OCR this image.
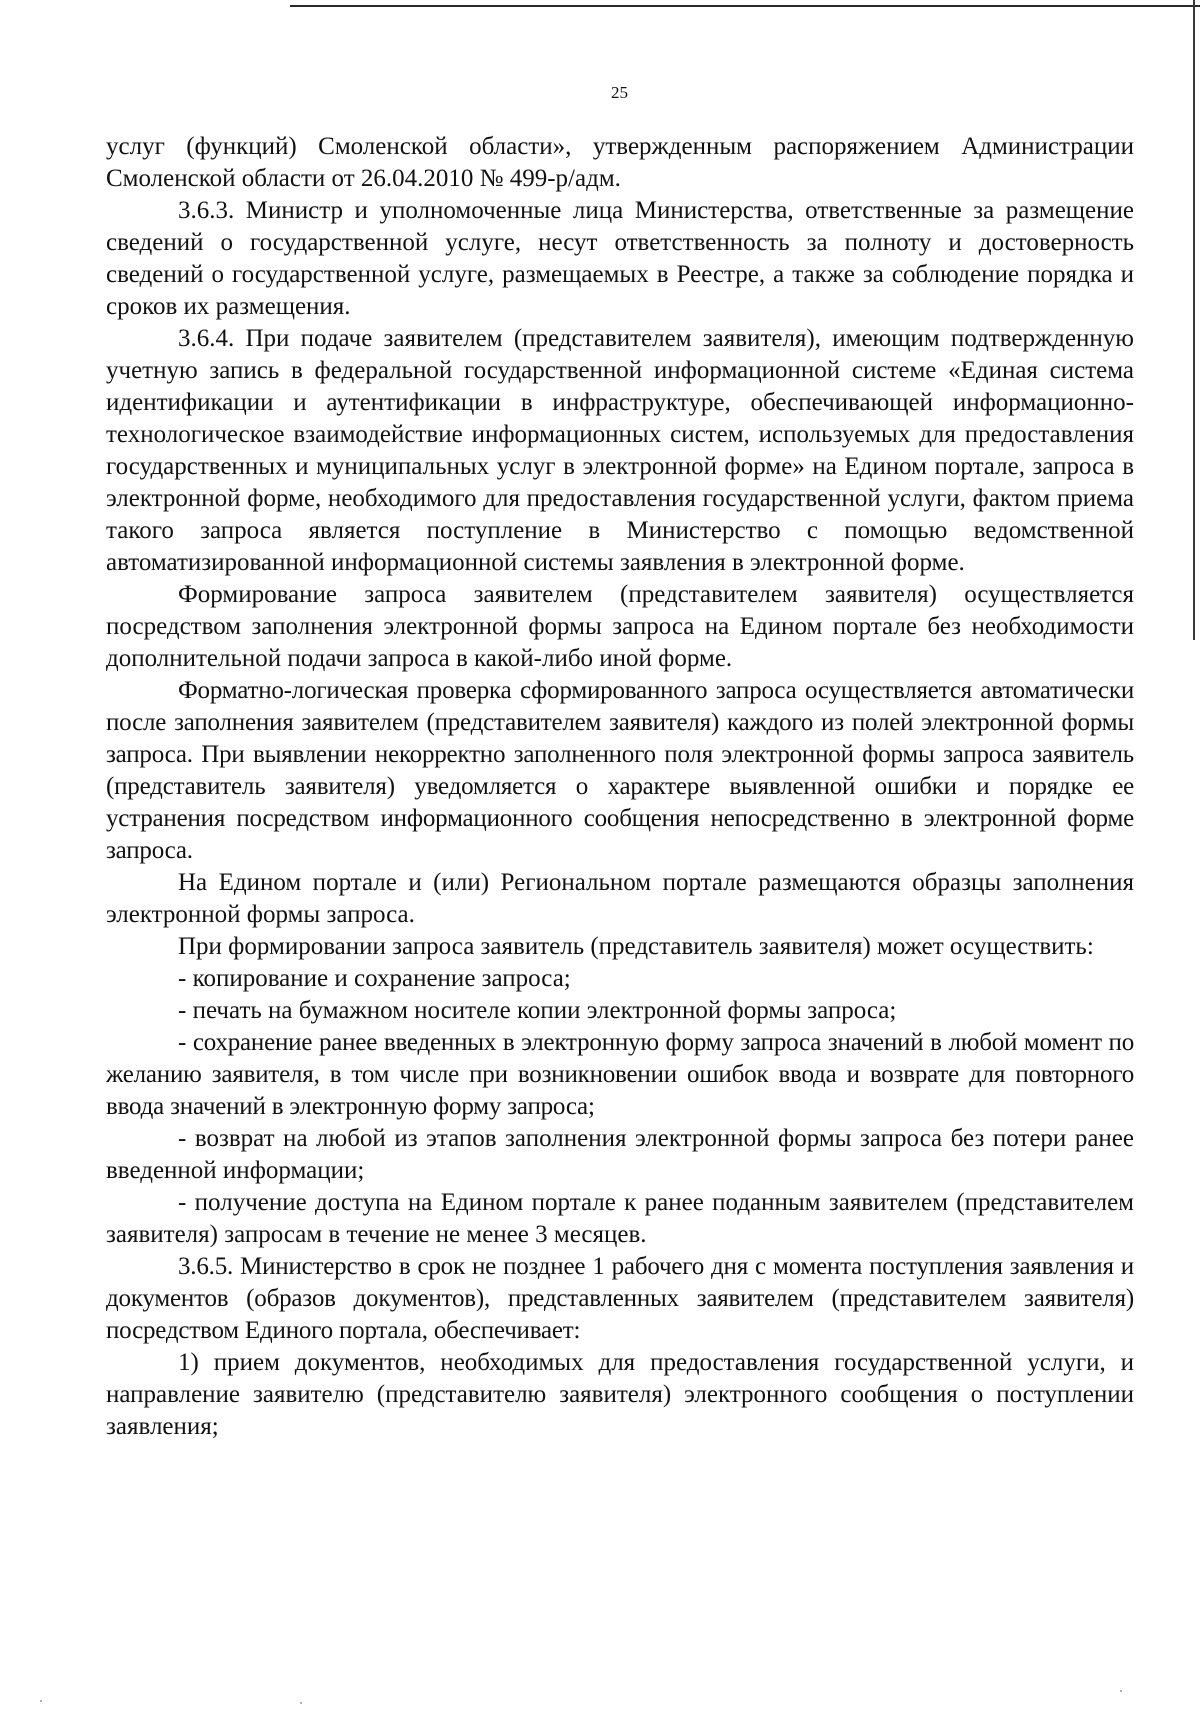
25

услуг (функций) Смоленской области», утвержденным распоряжением Администрации Смоленской области от 26.04.2010 № 499-р/адм.

3.6.3. Министр и уполномоченные лица Министерства, ответственные за размещение сведений о государственной услуге, несут ответственность за полноту и достоверность сведений о государственной услуге, размещаемых в Реестре, а также за соблюдение порядка и сроков их размещения.

3.6.4. При подаче заявителем (представителем заявителя), имеющим подтвержденную учетную запись в федеральной государственной информационной системе «Единая система идентификации и аутентификации в инфраструктуре, обеспечивающей информационно-технологическое взаимодействие информационных систем, используемых для предоставления государственных и муниципальных услуг в электронной форме» на Едином портале, запроса в электронной форме, необходимого для предоставления государственной услуги, фактом приема такого запроса является поступление в Министерство с помощью ведомственной автоматизированной информационной системы заявления в электронной форме.

Формирование запроса заявителем (представителем заявителя) осуществляется посредством заполнения электронной формы запроса на Едином портале без необходимости дополнительной подачи запроса в какой-либо иной форме.

Форматно-логическая проверка сформированного запроса осуществляется автоматически после заполнения заявителем (представителем заявителя) каждого из полей электронной формы запроса. При выявлении некорректно заполненного поля электронной формы запроса заявитель (представитель заявителя) уведомляется о характере выявленной ошибки и порядке ее устранения посредством информационного сообщения непосредственно в электронной форме запроса.

На Едином портале и (или) Региональном портале размещаются образцы заполнения электронной формы запроса.

При формировании запроса заявитель (представитель заявителя) может осуществить:

- копирование и сохранение запроса;

- печать на бумажном носителе копии электронной формы запроса;

- сохранение ранее введенных в электронную форму запроса значений в любой момент по желанию заявителя, в том числе при возникновении ошибок ввода и возврате для повторного ввода значений в электронную форму запроса;

- возврат на любой из этапов заполнения электронной формы запроса без потери ранее введенной информации;

- получение доступа на Едином портале к ранее поданным заявителем (представителем заявителя) запросам в течение не менее 3 месяцев.

3.6.5. Министерство в срок не позднее 1 рабочего дня с момента поступления заявления и документов (образов документов), представленных заявителем (представителем заявителя) посредством Единого портала, обеспечивает:

1) прием документов, необходимых для предоставления государственной услуги, и направление заявителю (представителю заявителя) электронного сообщения о поступлении заявления;
